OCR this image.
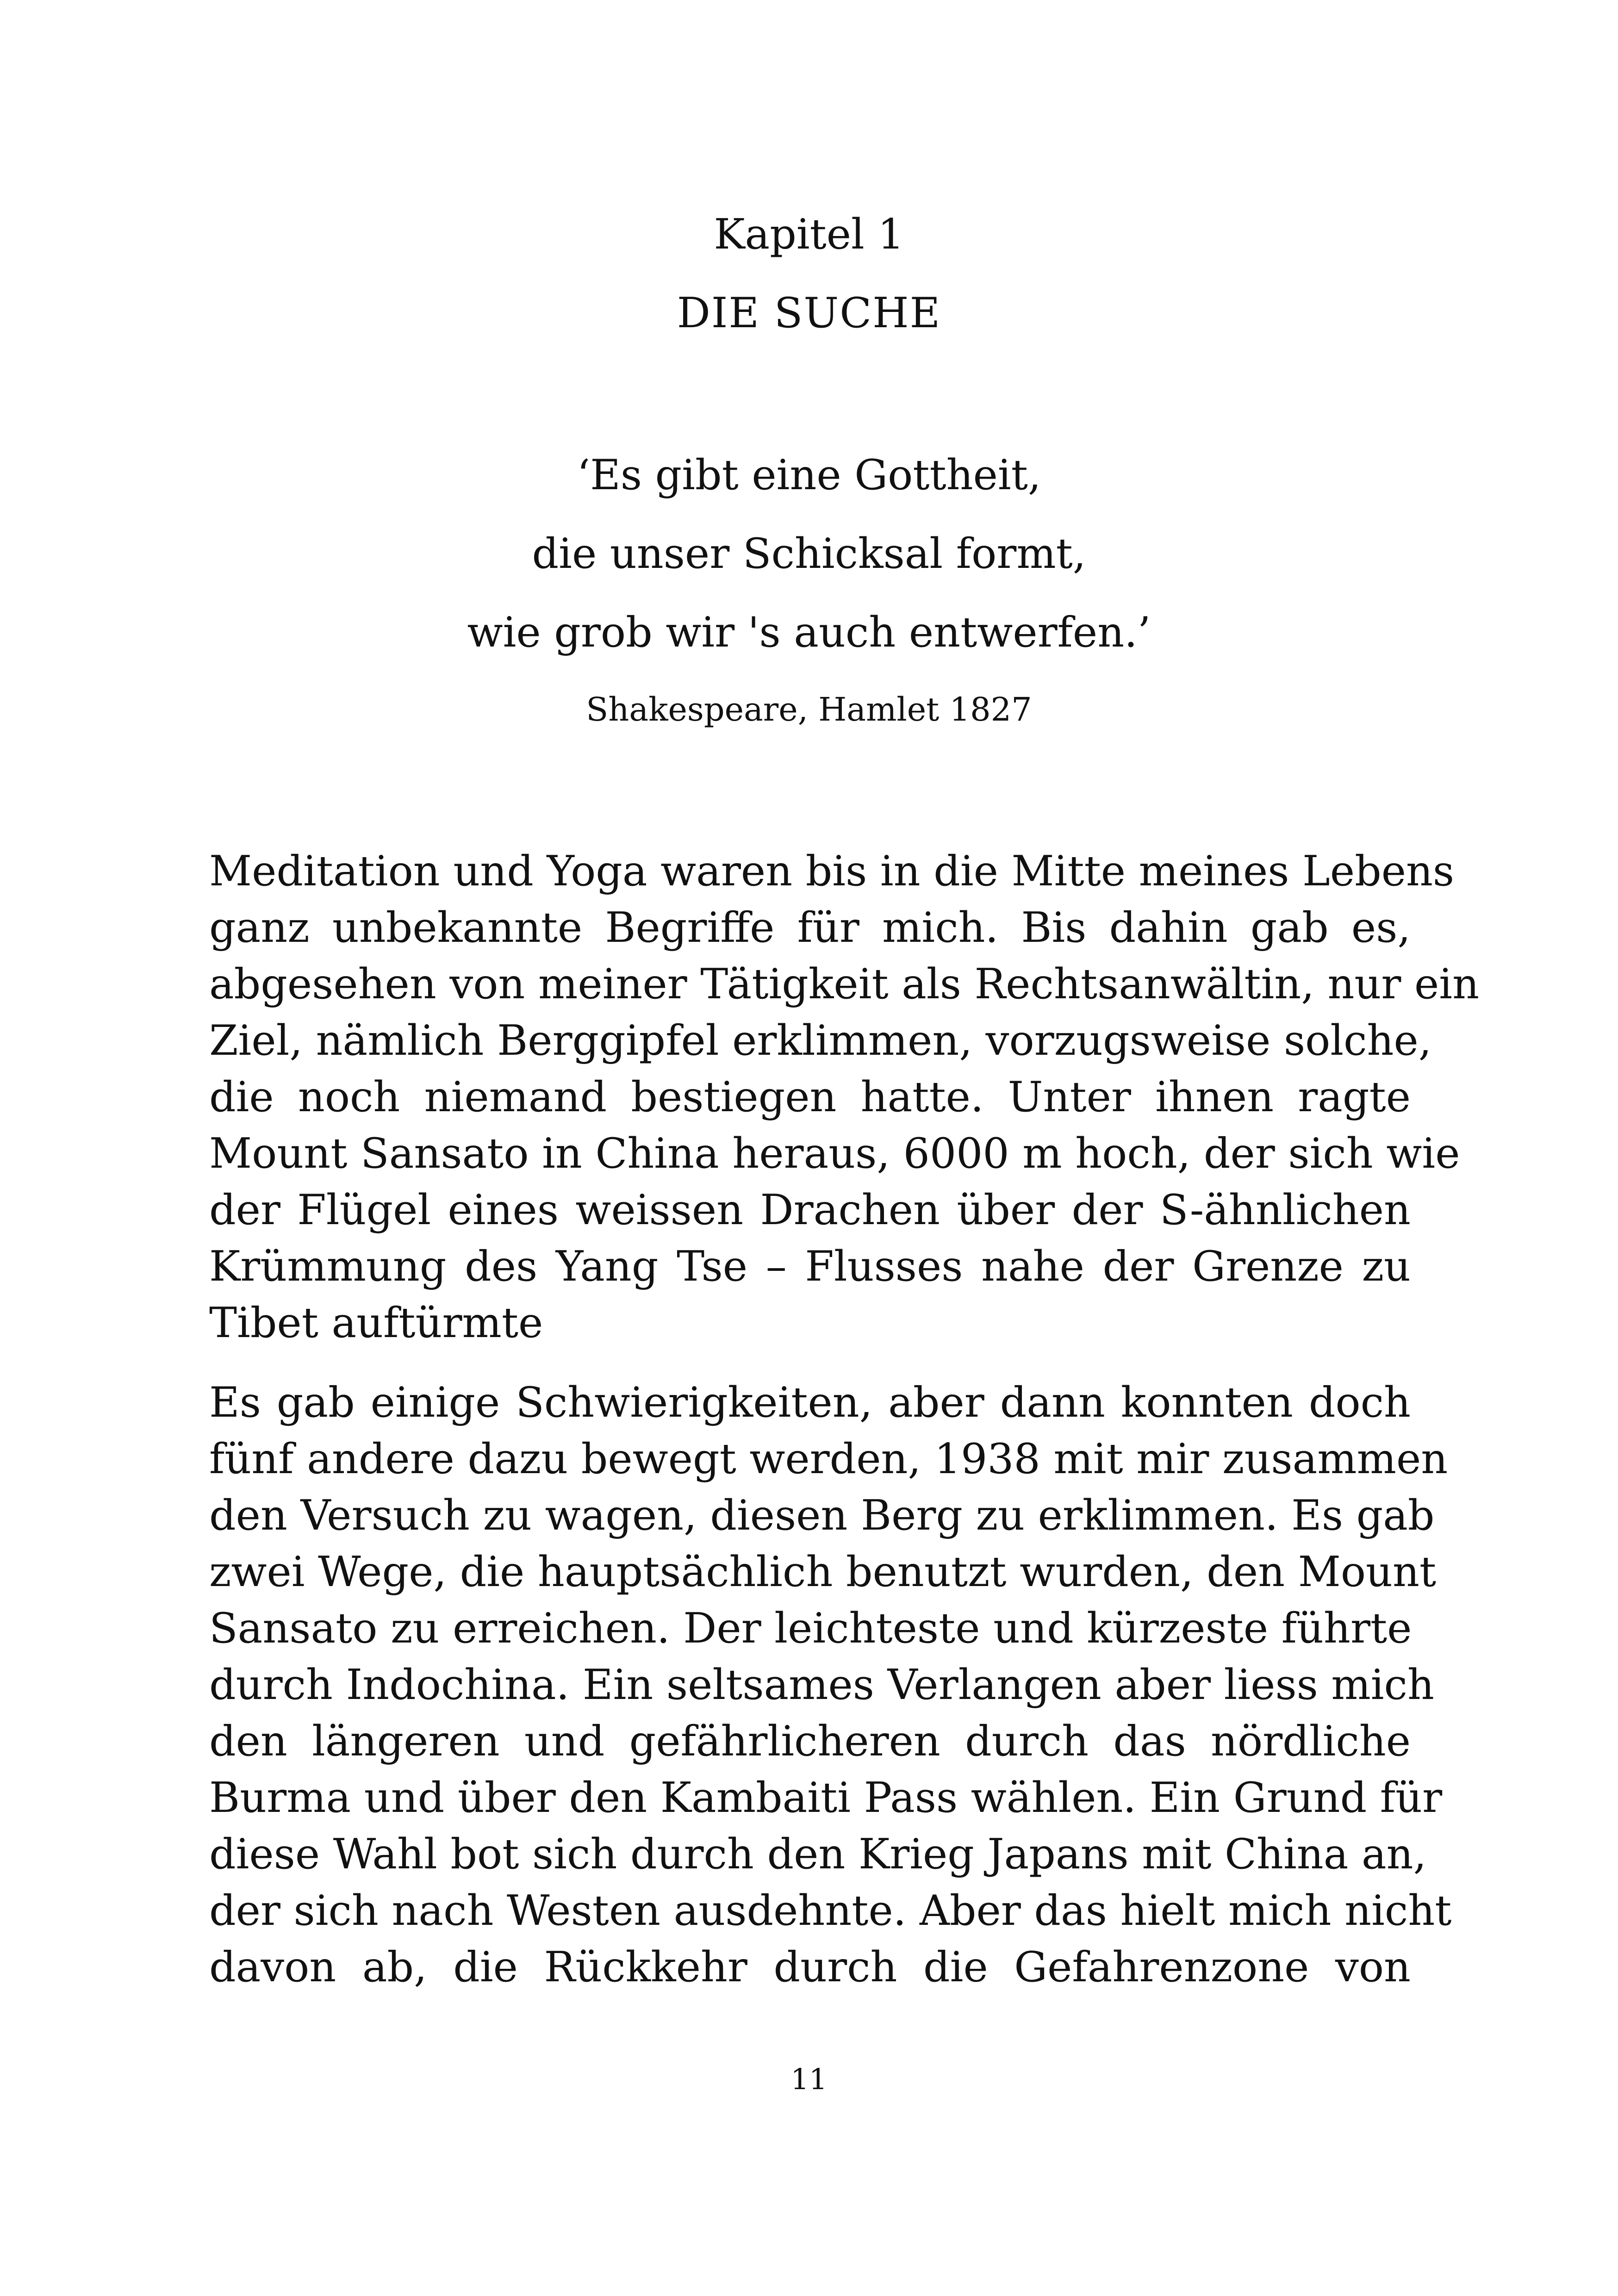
Kapitel 1
DIE SUCHE
‘Es gibt eine Gottheit,
die unser Schicksal formt,
wie grob wir 's auch entwerfen.’
Shakespeare, Hamlet 1827
Meditation und Yoga waren bis in die Mitte meines Lebens
ganz unbekannte Begriffe für mich. Bis dahin gab es,
abgesehen von meiner Tätigkeit als Rechtsanwältin, nur ein
Ziel, nämlich Berggipfel erklimmen, vorzugsweise solche,
die noch niemand bestiegen hatte. Unter ihnen ragte
Mount Sansato in China heraus, 6000 m hoch, der sich wie
der Flügel eines weissen Drachen über der S-ähnlichen
Krümmung des Yang Tse – Flusses nahe der Grenze zu
Tibet auftürmte
Es gab einige Schwierigkeiten, aber dann konnten doch
fünf andere dazu bewegt werden, 1938 mit mir zusammen
den Versuch zu wagen, diesen Berg zu erklimmen. Es gab
zwei Wege, die hauptsächlich benutzt wurden, den Mount
Sansato zu erreichen. Der leichteste und kürzeste führte
durch Indochina. Ein seltsames Verlangen aber liess mich
den längeren und gefährlicheren durch das nördliche
Burma und über den Kambaiti Pass wählen. Ein Grund für
diese Wahl bot sich durch den Krieg Japans mit China an,
der sich nach Westen ausdehnte. Aber das hielt mich nicht
davon ab, die Rückkehr durch die Gefahrenzone von
11
